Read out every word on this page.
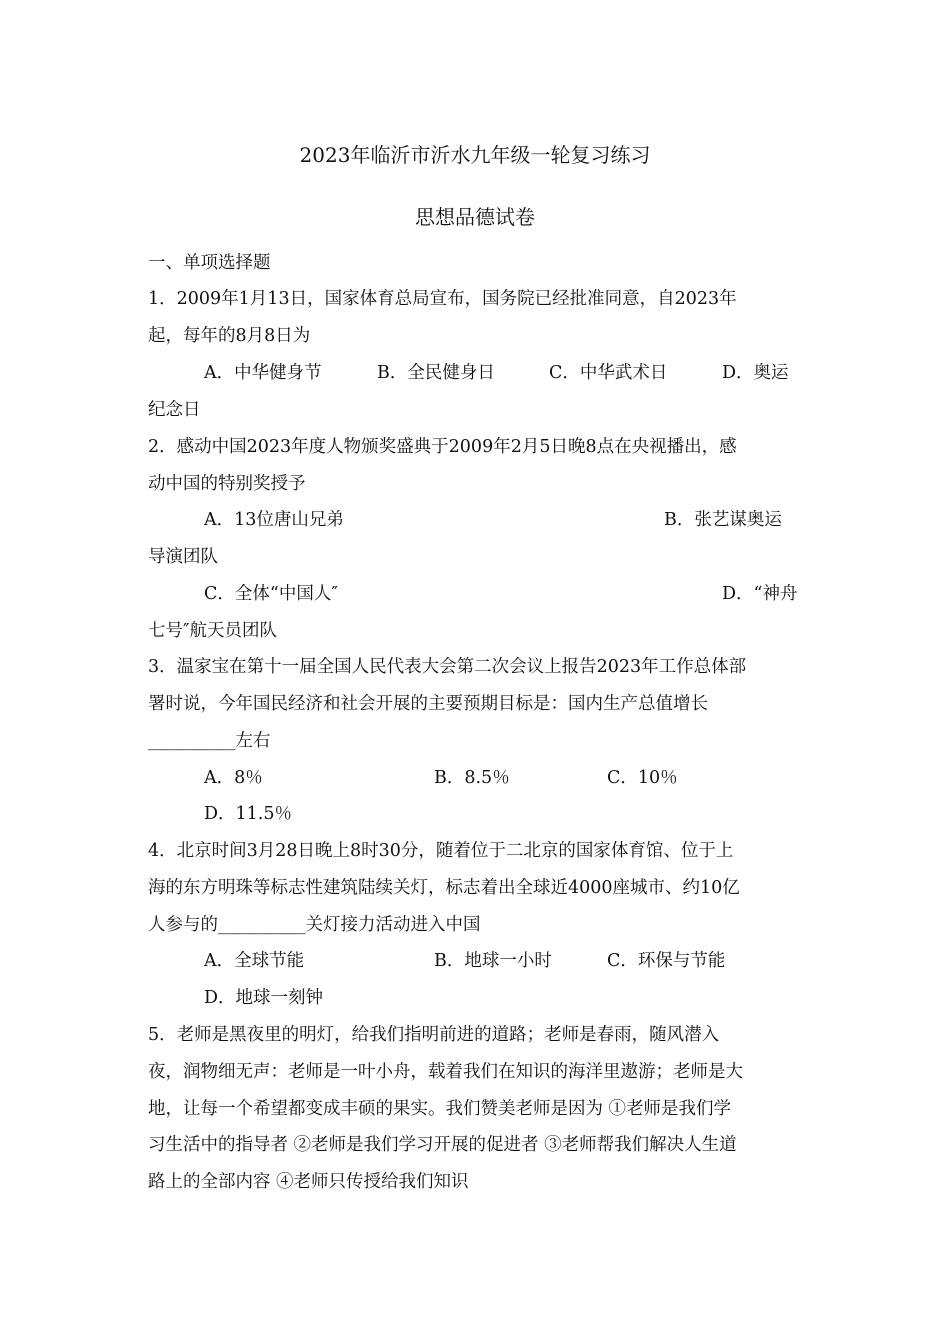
2023年临沂市沂水九年级一轮复习练习
思想品德试卷
一、单项选择题
1．2009年1月13日，国家体育总局宣布，国务院已经批准同意，自2023年
起，每年的8月8日为
A．中华健身节	B．全民健身日	C．中华武术日	D．奥运
纪念日
2．感动中国2023年度人物颁奖盛典于2009年2月5日晚8点在央视播出，感
动中国的特别奖授予
A．13位唐山兄弟	B．张艺谋奥运
导演团队
C．全体“中国人″	D．“神舟
七号″航天员团队
3．温家宝在第十一届全国人民代表大会第二次会议上报告2023年工作总体部
署时说，今年国民经济和社会开展的主要预期目标是：国内生产总值增长
__________左右
A．8％	B．8.5％	C．10％
D．11.5％
4．北京时间3月28日晚上8时30分，随着位于二北京的国家体育馆、位于上
海的东方明珠等标志性建筑陆续关灯，标志着出全球近4000座城市、约10亿
人参与的__________关灯接力活动进入中国
A．全球节能	B．地球一小时	C．环保与节能
D．地球一刻钟
5．老师是黑夜里的明灯，给我们指明前进的道路；老师是春雨，随风潜入
夜，润物细无声：老师是一叶小舟，载着我们在知识的海洋里遨游；老师是大
地，让每一个希望都变成丰硕的果实。我们赞美老师是因为 ①老师是我们学
习生活中的指导者 ②老师是我们学习开展的促进者 ③老师帮我们解决人生道
路上的全部内容 ④老师只传授给我们知识
